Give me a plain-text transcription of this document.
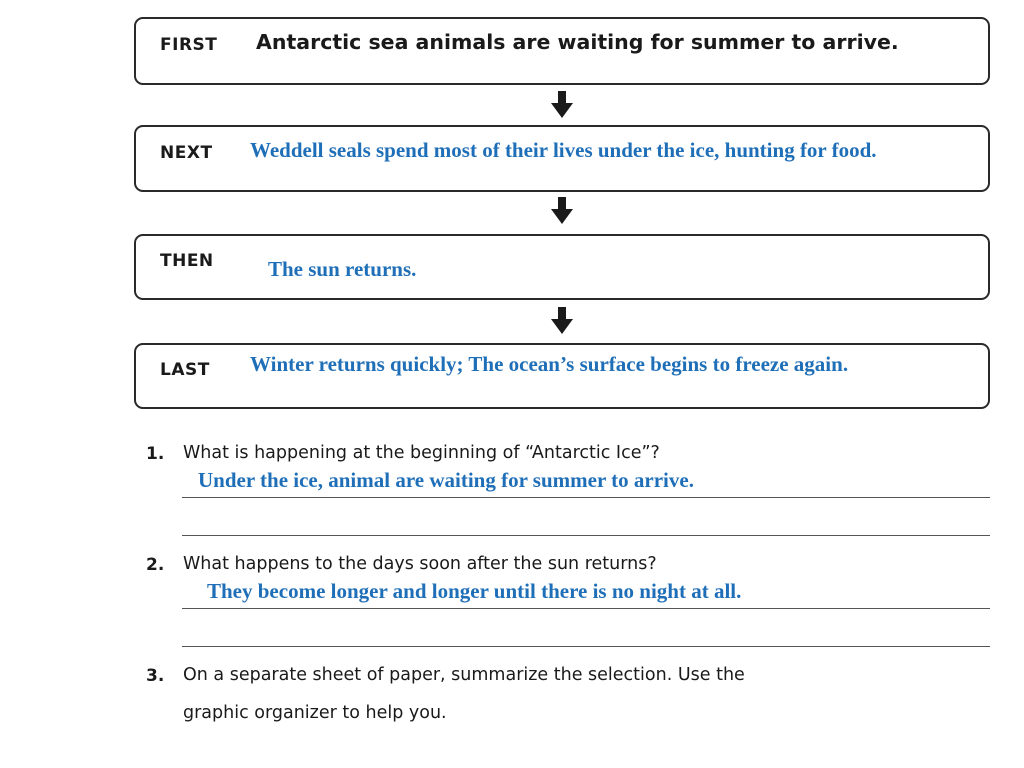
FIRST Antarctic sea animals are waiting for summer to arrive.
NEXT Weddell seals spend most of their lives under the ice, hunting for food.
THEN	The sun returns.
LAST Winter returns quickly; The ocean’s surface begins to freeze again.
1. What is happening at the beginning of “Antarctic Ice”?
Under the ice, animal are waiting for summer to arrive.
2. What happens to the days soon after the sun returns?
They become longer and longer until there is no night at all.
3. On a separate sheet of paper, summarize the selection. Use the
graphic organizer to help you.
